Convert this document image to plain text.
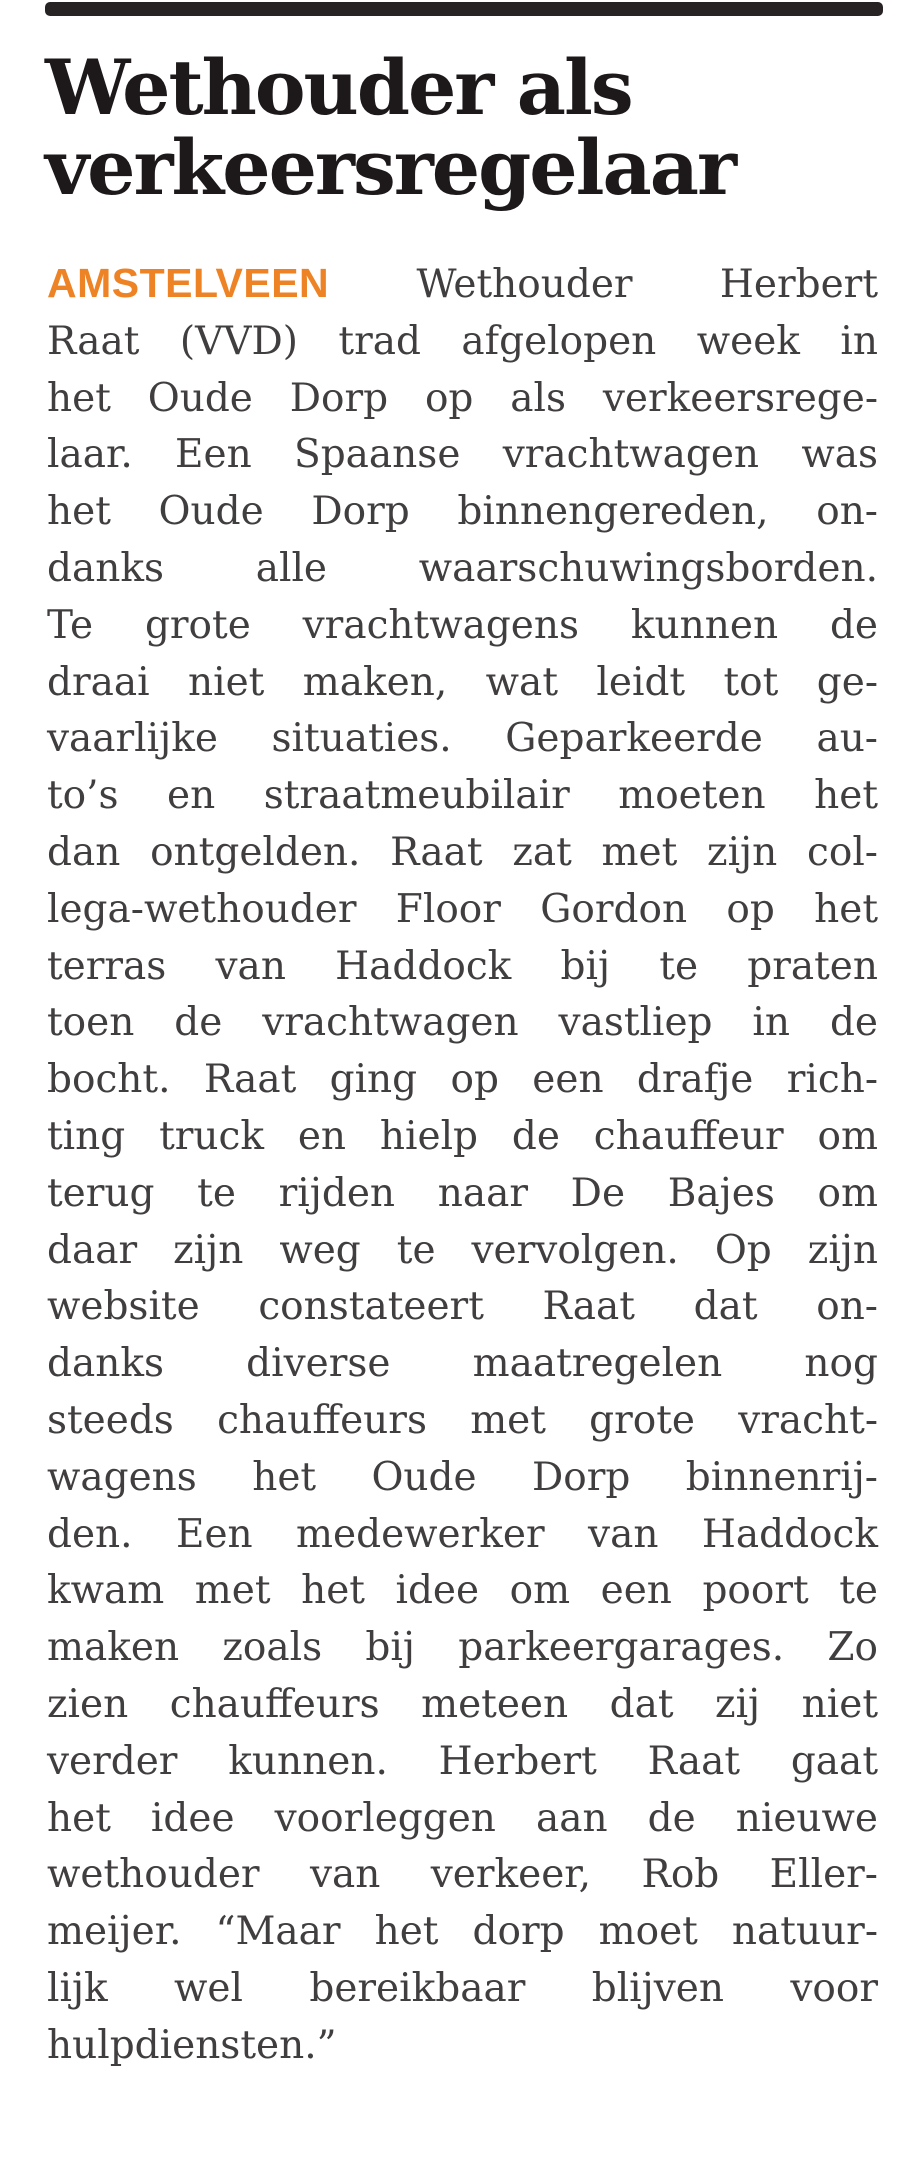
Wethouder als
verkeersregelaar
AMSTELVEEN Wethouder Herbert
Raat (VVD) trad afgelopen week in
het Oude Dorp op als verkeersrege-
laar. Een Spaanse vrachtwagen was
het Oude Dorp binnengereden, on-
danks alle waarschuwingsborden.
Te grote vrachtwagens kunnen de
draai niet maken, wat leidt tot ge-
vaarlijke situaties. Geparkeerde au-
to’s en straatmeubilair moeten het
dan ontgelden. Raat zat met zijn col-
lega-wethouder Floor Gordon op het
terras van Haddock bij te praten
toen de vrachtwagen vastliep in de
bocht. Raat ging op een drafje rich-
ting truck en hielp de chauffeur om
terug te rijden naar De Bajes om
daar zijn weg te vervolgen. Op zijn
website constateert Raat dat on-
danks diverse maatregelen nog
steeds chauffeurs met grote vracht-
wagens het Oude Dorp binnenrij-
den. Een medewerker van Haddock
kwam met het idee om een poort te
maken zoals bij parkeergarages. Zo
zien chauffeurs meteen dat zij niet
verder kunnen. Herbert Raat gaat
het idee voorleggen aan de nieuwe
wethouder van verkeer, Rob Eller-
meijer. “Maar het dorp moet natuur-
lijk wel bereikbaar blijven voor
hulpdiensten.”
